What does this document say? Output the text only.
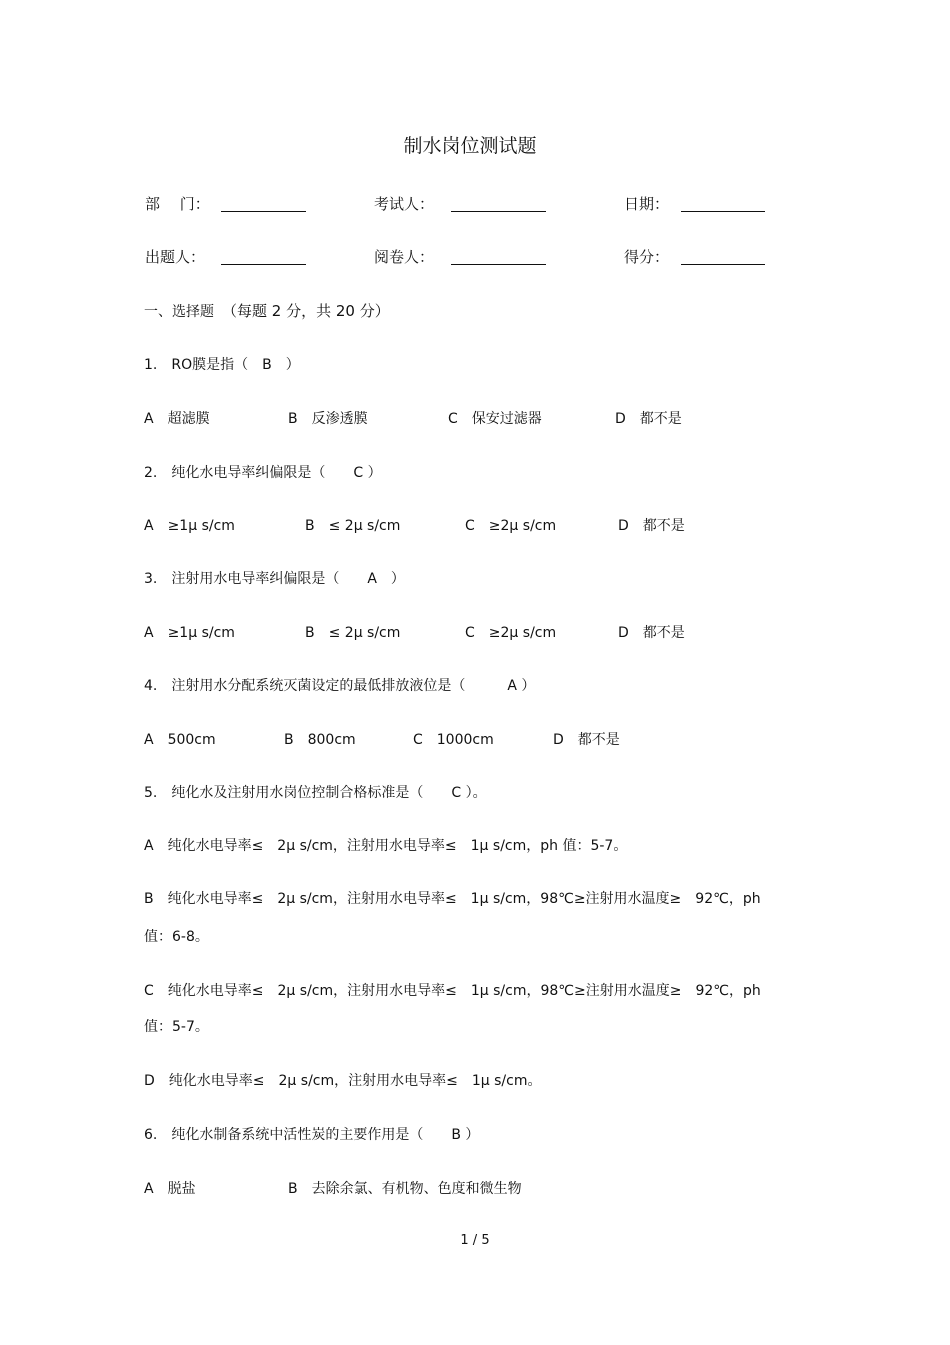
制水岗位测试题
部　 门：	考试人：	日期：
出题人：	阅卷人：	得分：
一、选择题 （每题 2 分，共 20 分）
1.　RO膜是指（　B　）
A　超滤膜	B　反渗透膜	C　保安过滤器	D　都不是
2.　纯化水电导率纠偏限是（　　C ）
A　≥1μ s/cm	B　≤ 2μ s/cm	C　≥2μ s/cm	D　都不是
3.　注射用水电导率纠偏限是（　　A　）
A　≥1μ s/cm	B　≤ 2μ s/cm	C　≥2μ s/cm	D　都不是
4.　注射用水分配系统灭菌设定的最低排放液位是（　　　A ）
A　500cm	B　800cm	C　1000cm	D　都不是
5.　纯化水及注射用水岗位控制合格标准是（　　C ）。
A　纯化水电导率≤　2μ s/cm，注射用水电导率≤　1μ s/cm，ph 值：5-7。
B　纯化水电导率≤　2μ s/cm，注射用水电导率≤　1μ s/cm，98℃≥注射用水温度≥　92℃，ph
值：6-8。
C　纯化水电导率≤　2μ s/cm，注射用水电导率≤　1μ s/cm，98℃≥注射用水温度≥　92℃，ph
值：5-7。
D　纯化水电导率≤　2μ s/cm，注射用水电导率≤　1μ s/cm。
6.　纯化水制备系统中活性炭的主要作用是（　　B ）
A　脱盐	B　去除余氯、有机物、色度和微生物
1 / 5
